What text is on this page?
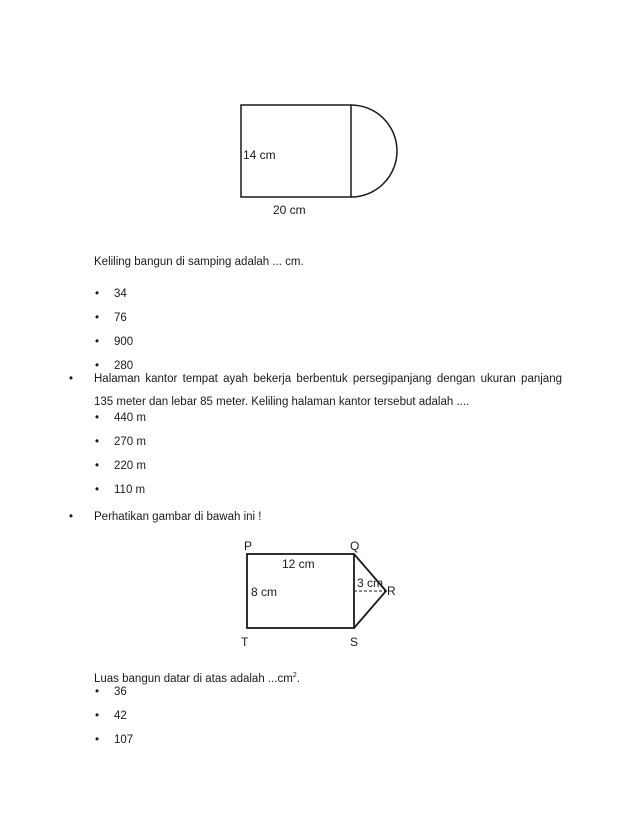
14 cm
20 cm
Keliling bangun di samping adalah ... cm.
• 34
• 76
• 900
• 280
• Halaman kantor tempat ayah bekerja berbentuk persegipanjang dengan ukuran panjang
135 meter dan lebar 85 meter. Keliling halaman kantor tersebut adalah ....
• 440 m
• 270 m
• 220 m
• 110 m
• Perhatikan gambar di bawah ini !
P	Q
R
S
T
12 cm
8 cm
3 cm
Luas bangun datar di atas adalah $...cm^2$.
• 36
• 42
• 107
